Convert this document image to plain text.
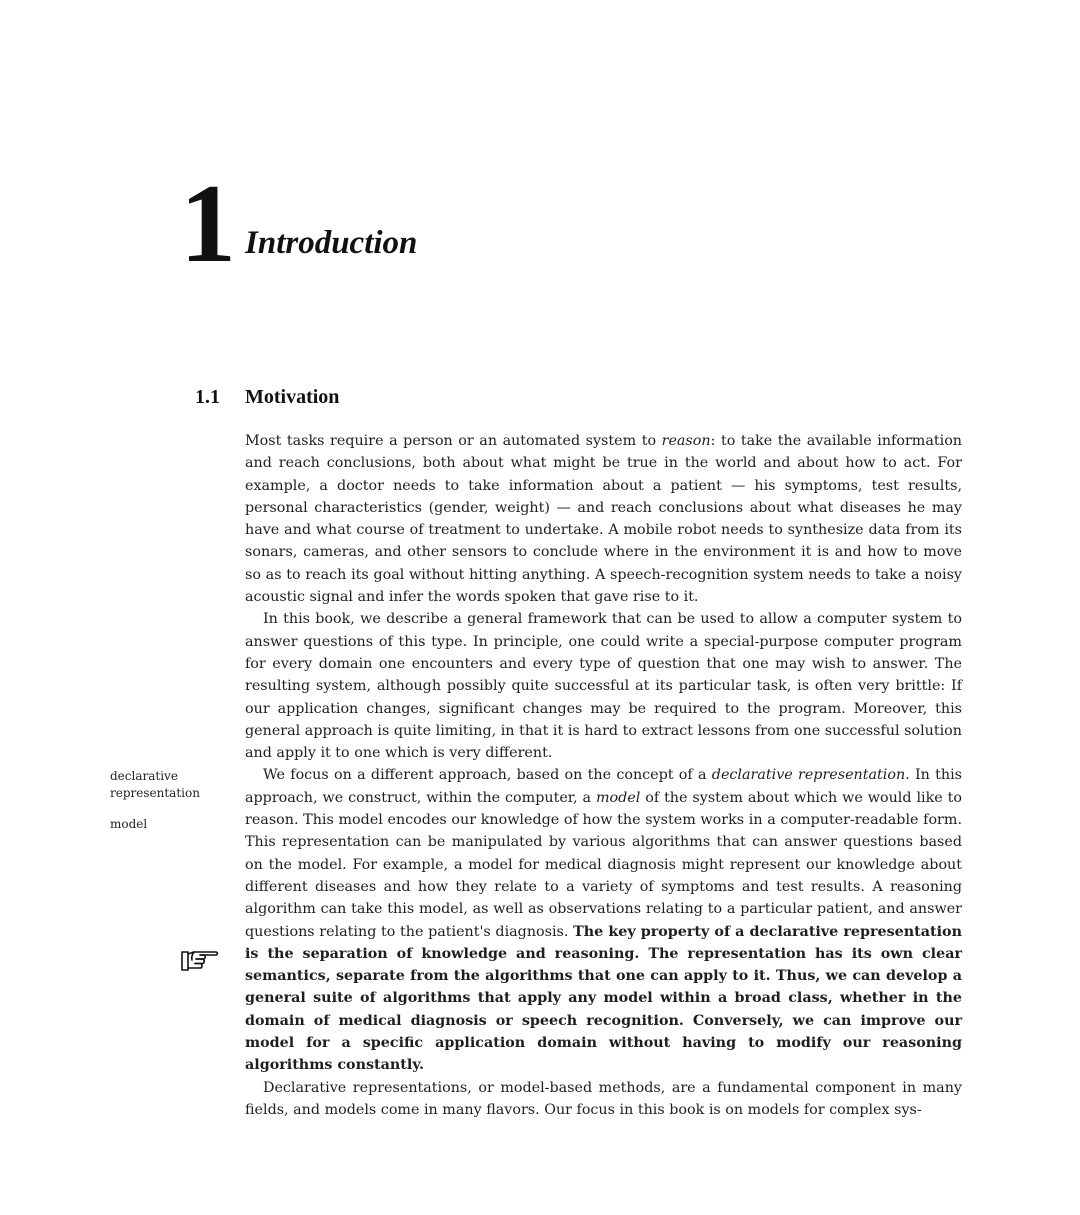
1 Introduction
1.1 Motivation
declarative representation
model

Most tasks require a person or an automated system to reason: to take the available information and reach conclusions, both about what might be true in the world and about how to act. For example, a doctor needs to take information about a patient — his symptoms, test results, personal characteristics (gender, weight) — and reach conclusions about what diseases he may have and what course of treatment to undertake. A mobile robot needs to synthesize data from its sonars, cameras, and other sensors to conclude where in the environment it is and how to move so as to reach its goal without hitting anything. A speech-recognition system needs to take a noisy acoustic signal and infer the words spoken that gave rise to it.

In this book, we describe a general framework that can be used to allow a computer system to answer questions of this type. In principle, one could write a special-purpose computer program for every domain one encounters and every type of question that one may wish to answer. The resulting system, although possibly quite successful at its particular task, is often very brittle: If our application changes, significant changes may be required to the program. Moreover, this general approach is quite limiting, in that it is hard to extract lessons from one successful solution and apply it to one which is very different.

We focus on a different approach, based on the concept of a declarative representation. In this approach, we construct, within the computer, a model of the system about which we would like to reason. This model encodes our knowledge of how the system works in a computer-readable form. This representation can be manipulated by various algorithms that can answer questions based on the model. For example, a model for medical diagnosis might represent our knowledge about different diseases and how they relate to a variety of symptoms and test results. A reasoning algorithm can take this model, as well as observations relating to a particular patient, and answer questions relating to the patient's diagnosis. The key property of a declarative representation is the separation of knowledge and reasoning. The representation has its own clear semantics, separate from the algorithms that one can apply to it. Thus, we can develop a general suite of algorithms that apply any model within a broad class, whether in the domain of medical diagnosis or speech recognition. Conversely, we can improve our model for a specific application domain without having to modify our reasoning algorithms constantly.

Declarative representations, or model-based methods, are a fundamental component in many fields, and models come in many flavors. Our focus in this book is on models for complex sys-
